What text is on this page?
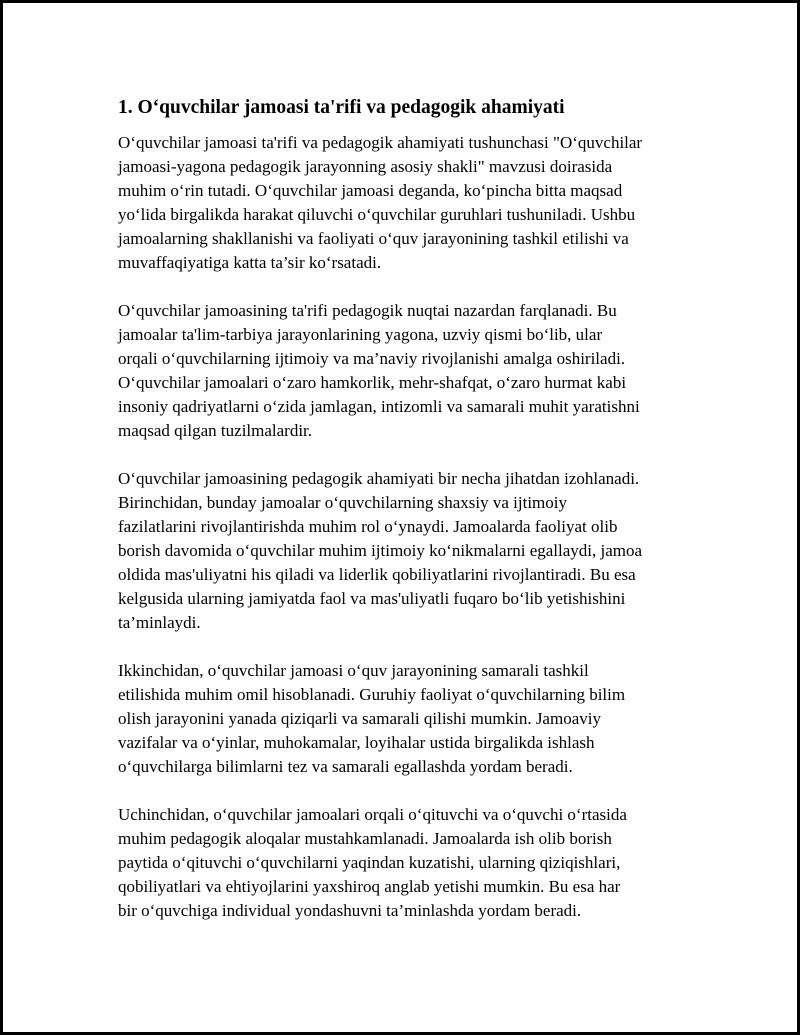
1. O‘quvchilar jamoasi ta'rifi va pedagogik ahamiyati

O‘quvchilar jamoasi ta'rifi va pedagogik ahamiyati tushunchasi "O‘quvchilar
jamoasi-yagona pedagogik jarayonning asosiy shakli" mavzusi doirasida
muhim o‘rin tutadi. O‘quvchilar jamoasi deganda, ko‘pincha bitta maqsad
yo‘lida birgalikda harakat qiluvchi o‘quvchilar guruhlari tushuniladi. Ushbu
jamoalarning shakllanishi va faoliyati o‘quv jarayonining tashkil etilishi va
muvaffaqiyatiga katta ta’sir ko‘rsatadi.

O‘quvchilar jamoasining ta'rifi pedagogik nuqtai nazardan farqlanadi. Bu
jamoalar ta'lim-tarbiya jarayonlarining yagona, uzviy qismi bo‘lib, ular
orqali o‘quvchilarning ijtimoiy va ma’naviy rivojlanishi amalga oshiriladi.
O‘quvchilar jamoalari o‘zaro hamkorlik, mehr-shafqat, o‘zaro hurmat kabi
insoniy qadriyatlarni o‘zida jamlagan, intizomli va samarali muhit yaratishni
maqsad qilgan tuzilmalardir.

O‘quvchilar jamoasining pedagogik ahamiyati bir necha jihatdan izohlanadi.
Birinchidan, bunday jamoalar o‘quvchilarning shaxsiy va ijtimoiy
fazilatlarini rivojlantirishda muhim rol o‘ynaydi. Jamoalarda faoliyat olib
borish davomida o‘quvchilar muhim ijtimoiy ko‘nikmalarni egallaydi, jamoa
oldida mas'uliyatni his qiladi va liderlik qobiliyatlarini rivojlantiradi. Bu esa
kelgusida ularning jamiyatda faol va mas'uliyatli fuqaro bo‘lib yetishishini
ta’minlaydi.

Ikkinchidan, o‘quvchilar jamoasi o‘quv jarayonining samarali tashkil
etilishida muhim omil hisoblanadi. Guruhiy faoliyat o‘quvchilarning bilim
olish jarayonini yanada qiziqarli va samarali qilishi mumkin. Jamoaviy
vazifalar va o‘yinlar, muhokamalar, loyihalar ustida birgalikda ishlash
o‘quvchilarga bilimlarni tez va samarali egallashda yordam beradi.

Uchinchidan, o‘quvchilar jamoalari orqali o‘qituvchi va o‘quvchi o‘rtasida
muhim pedagogik aloqalar mustahkamlanadi. Jamoalarda ish olib borish
paytida o‘qituvchi o‘quvchilarni yaqindan kuzatishi, ularning qiziqishlari,
qobiliyatlari va ehtiyojlarini yaxshiroq anglab yetishi mumkin. Bu esa har
bir o‘quvchiga individual yondashuvni ta’minlashda yordam beradi.
